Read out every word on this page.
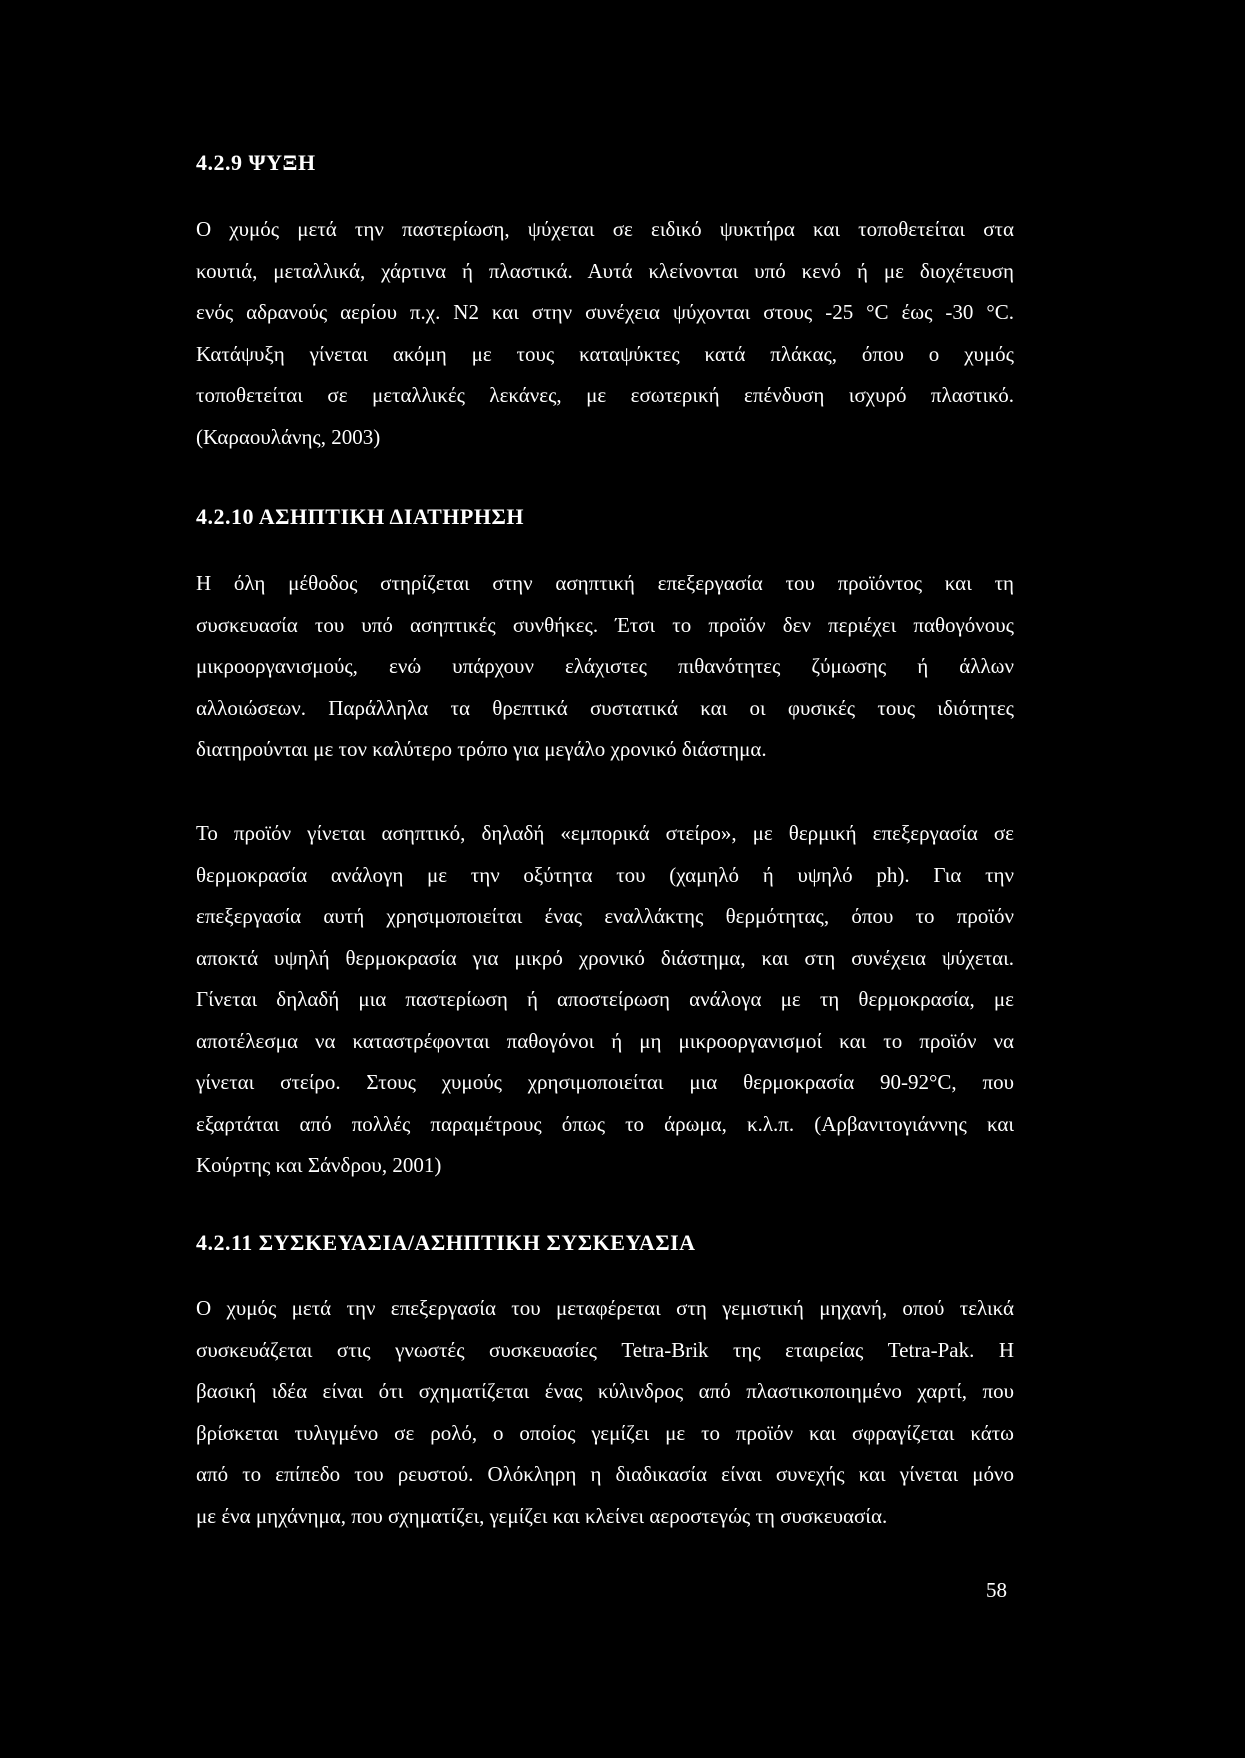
4.2.9 ΨΥΞΗ
Ο χυμός μετά την παστερίωση, ψύχεται σε ειδικό ψυκτήρα και τοποθετείται στα
κουτιά, μεταλλικά, χάρτινα ή πλαστικά. Αυτά κλείνονται υπό κενό ή με διοχέτευση
ενός αδρανούς αερίου π.χ. N2 και στην συνέχεια ψύχονται στους -25 °C έως -30 °C.
Κατάψυξη γίνεται ακόμη με τους καταψύκτες κατά πλάκας, όπου ο χυμός
τοποθετείται σε μεταλλικές λεκάνες, με εσωτερική επένδυση ισχυρό πλαστικό.
(Καραουλάνης, 2003)
4.2.10 ΑΣΗΠΤΙΚΗ ΔΙΑΤΗΡΗΣΗ
Η όλη μέθοδος στηρίζεται στην ασηπτική επεξεργασία του προϊόντος και τη
συσκευασία του υπό ασηπτικές συνθήκες. Έτσι το προϊόν δεν περιέχει παθογόνους
μικροοργανισμούς, ενώ υπάρχουν ελάχιστες πιθανότητες ζύμωσης ή άλλων
αλλοιώσεων. Παράλληλα τα θρεπτικά συστατικά και οι φυσικές τους ιδιότητες
διατηρούνται με τον καλύτερο τρόπο για μεγάλο χρονικό διάστημα.
Το προϊόν γίνεται ασηπτικό, δηλαδή «εμπορικά στείρο», με θερμική επεξεργασία σε
θερμοκρασία ανάλογη με την οξύτητα του (χαμηλό ή υψηλό ph). Για την
επεξεργασία αυτή χρησιμοποιείται ένας εναλλάκτης θερμότητας, όπου το προϊόν
αποκτά υψηλή θερμοκρασία για μικρό χρονικό διάστημα, και στη συνέχεια ψύχεται.
Γίνεται δηλαδή μια παστερίωση ή αποστείρωση ανάλογα με τη θερμοκρασία, με
αποτέλεσμα να καταστρέφονται παθογόνοι ή μη μικροοργανισμοί και το προϊόν να
γίνεται στείρο. Στους χυμούς χρησιμοποιείται μια θερμοκρασία 90-92°C, που
εξαρτάται από πολλές παραμέτρους όπως το άρωμα, κ.λ.π. (Αρβανιτογιάννης και
Κούρτης και Σάνδρου, 2001)
4.2.11 ΣΥΣΚΕΥΑΣΙΑ/ΑΣΗΠΤΙΚΗ ΣΥΣΚΕΥΑΣΙΑ
Ο χυμός μετά την επεξεργασία του μεταφέρεται στη γεμιστική μηχανή, οπού τελικά
συσκευάζεται στις γνωστές συσκευασίες Tetra-Brik της εταιρείας Tetra-Pak. Η
βασική ιδέα είναι ότι σχηματίζεται ένας κύλινδρος από πλαστικοποιημένο χαρτί, που
βρίσκεται τυλιγμένο σε ρολό, ο οποίος γεμίζει με το προϊόν και σφραγίζεται κάτω
από το επίπεδο του ρευστού. Ολόκληρη η διαδικασία είναι συνεχής και γίνεται μόνο
με ένα μηχάνημα, που σχηματίζει, γεμίζει και κλείνει αεροστεγώς τη συσκευασία.

58
